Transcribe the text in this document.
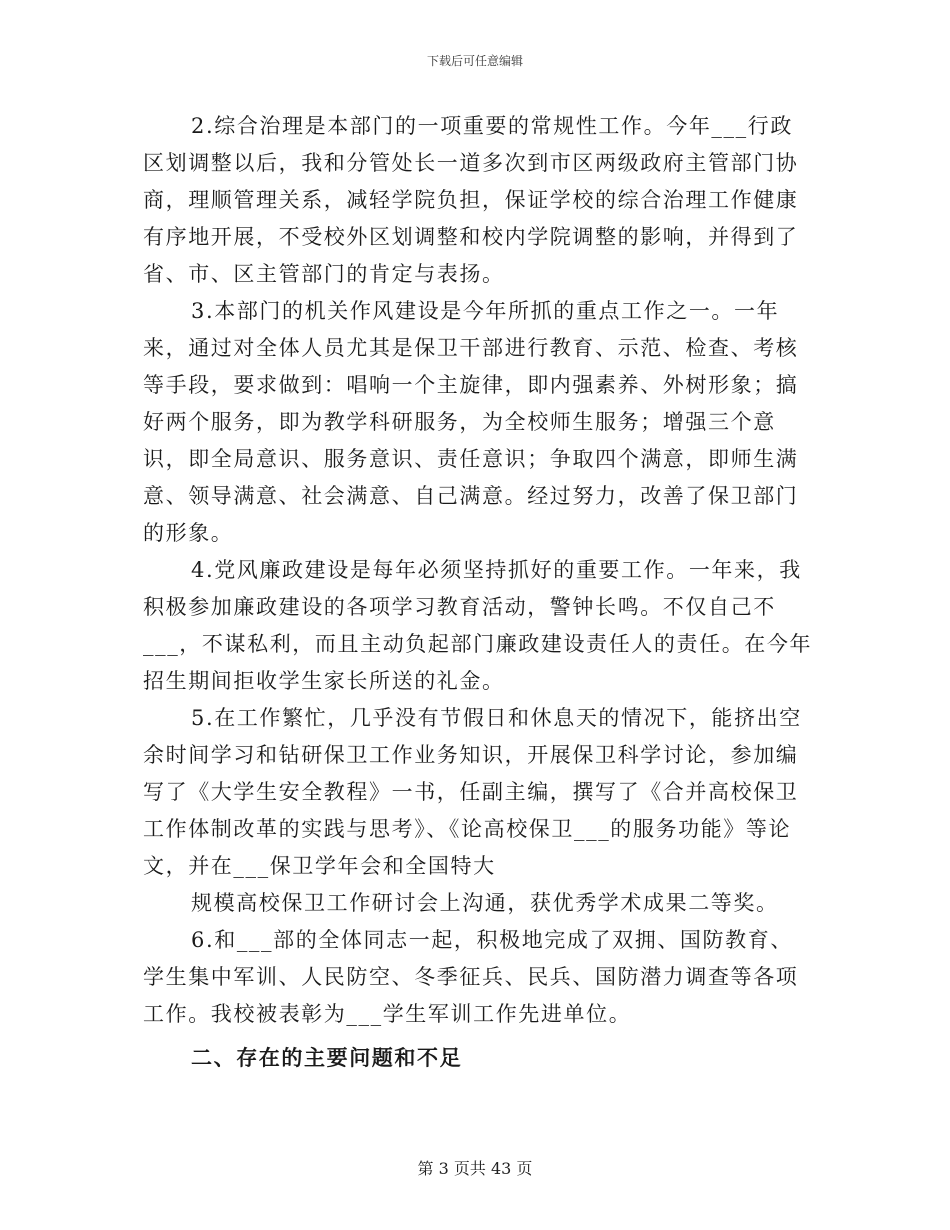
下载后可任意编辑

2.综合治理是本部门的一项重要的常规性工作。今年___行政区划调整以后，我和分管处长一道多次到市区两级政府主管部门协商，理顺管理关系，减轻学院负担，保证学校的综合治理工作健康有序地开展，不受校外区划调整和校内学院调整的影响，并得到了省、市、区主管部门的肯定与表扬。

3.本部门的机关作风建设是今年所抓的重点工作之一。一年来，通过对全体人员尤其是保卫干部进行教育、示范、检查、考核等手段，要求做到：唱响一个主旋律，即内强素养、外树形象；搞好两个服务，即为教学科研服务，为全校师生服务；增强三个意识，即全局意识、服务意识、责任意识；争取四个满意，即师生满意、领导满意、社会满意、自己满意。经过努力，改善了保卫部门的形象。

4.党风廉政建设是每年必须坚持抓好的重要工作。一年来，我积极参加廉政建设的各项学习教育活动，警钟长鸣。不仅自己不___，不谋私利，而且主动负起部门廉政建设责任人的责任。在今年招生期间拒收学生家长所送的礼金。

5.在工作繁忙，几乎没有节假日和休息天的情况下，能挤出空余时间学习和钻研保卫工作业务知识，开展保卫科学讨论，参加编写了《大学生安全教程》一书，任副主编，撰写了《合并高校保卫工作体制改革的实践与思考》、《论高校保卫___的服务功能》等论文，并在___保卫学年会和全国特大

规模高校保卫工作研讨会上沟通，获优秀学术成果二等奖。

6.和___部的全体同志一起，积极地完成了双拥、国防教育、学生集中军训、人民防空、冬季征兵、民兵、国防潜力调查等各项工作。我校被表彰为___学生军训工作先进单位。

二、存在的主要问题和不足

第 3 页共 43 页
